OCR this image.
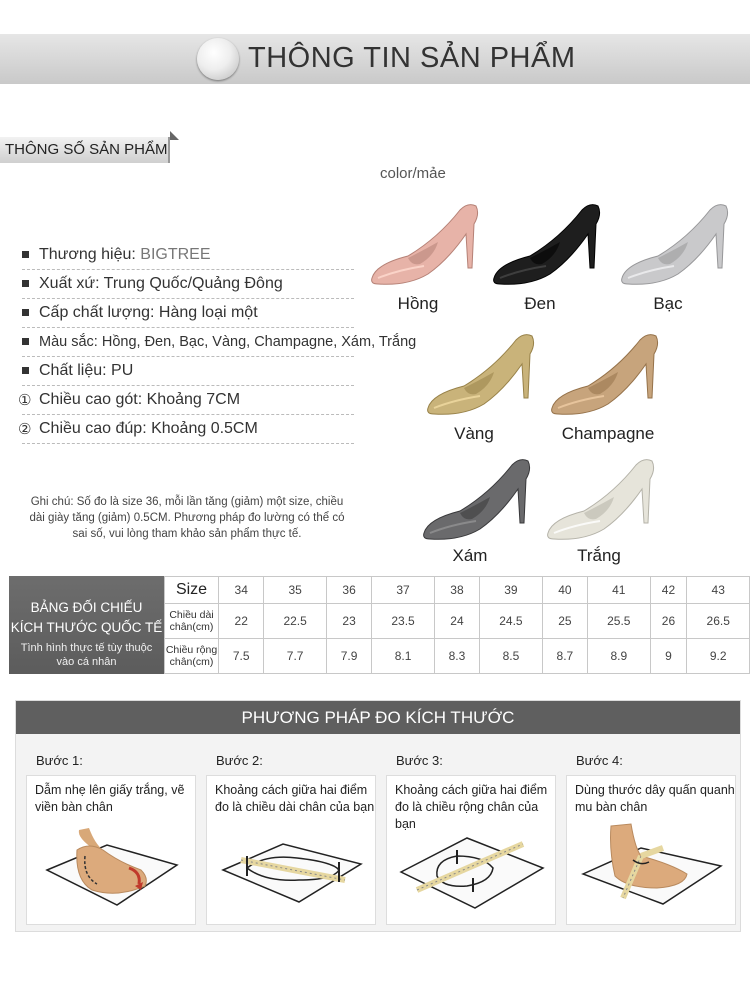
THÔNG TIN SẢN PHẨM
THÔNG SỐ SẢN PHẨM
Thương hiệu: BIGTREE
Xuất xứ: Trung Quốc/Quảng Đông
Cấp chất lượng: Hàng loại một
Màu sắc: Hồng, Đen, Bạc, Vàng, Champagne, Xám, Trắng
Chất liệu: PU
① Chiều cao gót: Khoảng 7CM
② Chiều cao đúp: Khoảng 0.5CM
Ghi chú: Số đo là size 36, mỗi lần tăng (giảm) một size, chiều dài giày tăng (giảm) 0.5CM. Phương pháp đo lường có thể có sai số, vui lòng tham khảo sản phẩm thực tế.
color/mảe
Hồng	Đen	Bạc
Vàng	Champagne
Xám	Trắng
BẢNG ĐỐI CHIẾU
KÍCH THƯỚC QUỐC TẾ
Tình hình thực tế tùy thuộc
vào cá nhân
Size	34	35	36	37	38	39	40	41	42	43
Chiều dài chân(cm)	22	22.5	23	23.5	24	24.5	25	25.5	26	26.5
Chiều rộng chân(cm)	7.5	7.7	7.9	8.1	8.3	8.5	8.7	8.9	9	9.2
PHƯƠNG PHÁP ĐO KÍCH THƯỚC
Bước 1:
Dẫm nhẹ lên giấy trắng, vẽ viền bàn chân
Bước 2:
Khoảng cách giữa hai điểm đo là chiều dài chân của bạn
Bước 3:
Khoảng cách giữa hai điểm đo là chiều rộng chân của bạn
Bước 4:
Dùng thước dây quấn quanh mu bàn chân
